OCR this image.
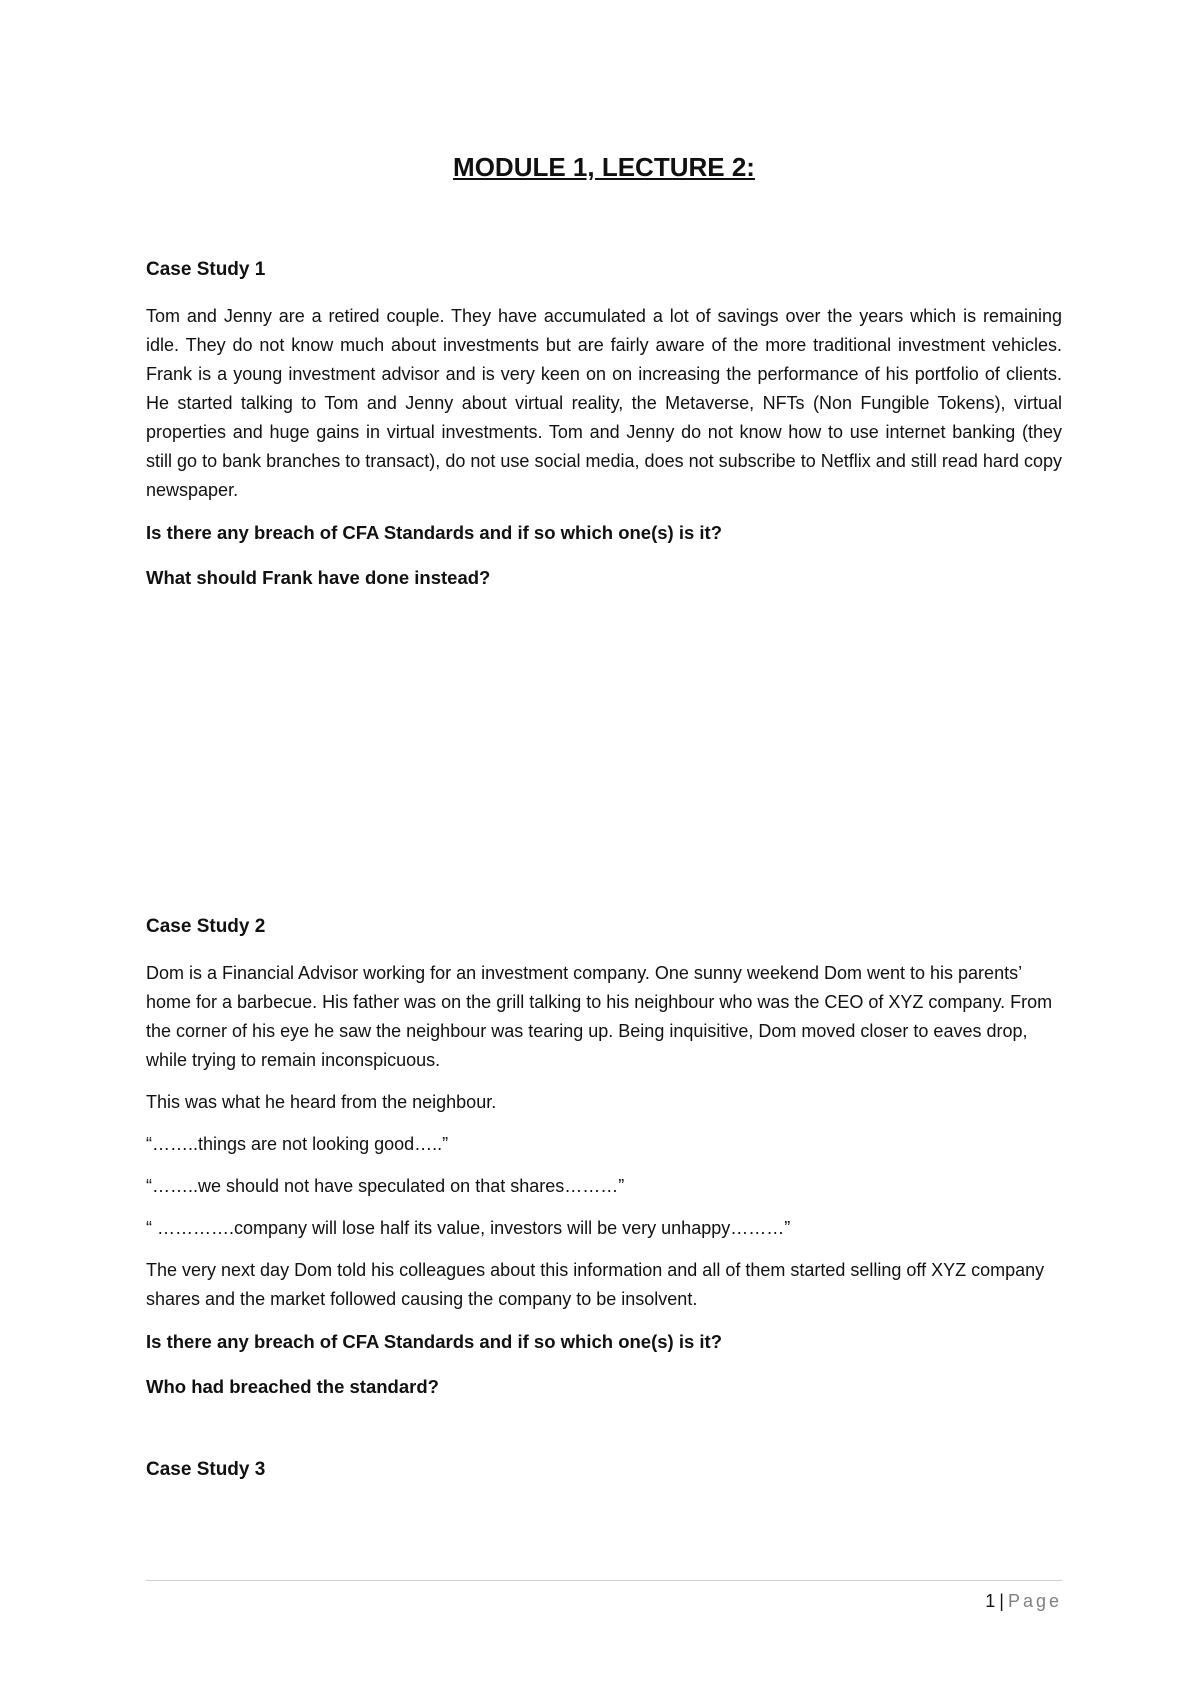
MODULE 1, LECTURE 2:
Case Study 1

Tom and Jenny are a retired couple. They have accumulated a lot of savings over the years which is remaining idle. They do not know much about investments but are fairly aware of the more traditional investment vehicles. Frank is a young investment advisor and is very keen on on increasing the performance of his portfolio of clients. He started talking to Tom and Jenny about virtual reality, the Metaverse, NFTs (Non Fungible Tokens), virtual properties and huge gains in virtual investments. Tom and Jenny do not know how to use internet banking (they still go to bank branches to transact), do not use social media, does not subscribe to Netflix and still read hard copy newspaper.

Is there any breach of CFA Standards and if so which one(s) is it?

What should Frank have done instead?

Case Study 2

Dom is a Financial Advisor working for an investment company. One sunny weekend Dom went to his parents’ home for a barbecue. His father was on the grill talking to his neighbour who was the CEO of XYZ company. From the corner of his eye he saw the neighbour was tearing up. Being inquisitive, Dom moved closer to eaves drop, while trying to remain inconspicuous.

This was what he heard from the neighbour.

“……..things are not looking good…..”

“……..we should not have speculated on that shares………”

“ ………….company will lose half its value, investors will be very unhappy………”

The very next day Dom told his colleagues about this information and all of them started selling off XYZ company shares and the market followed causing the company to be insolvent.

Is there any breach of CFA Standards and if so which one(s) is it?

Who had breached the standard?

Case Study 3
1 | Page
